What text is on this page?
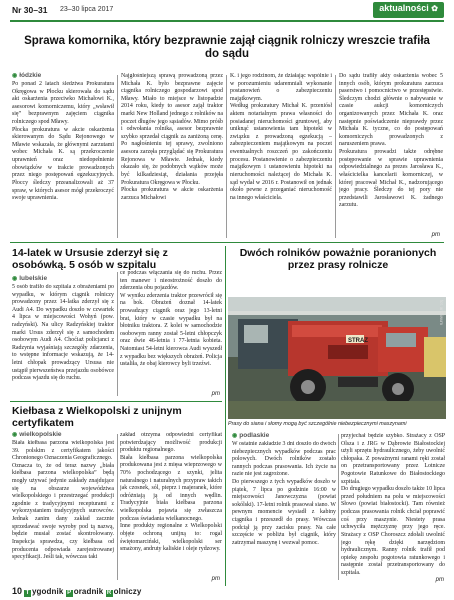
Nr 30–31 23–30 lipca 2017	aktualności ✿
Sprawa komornika, który bezprawnie zajął ciągnik rolniczy wreszcie trafiła do sądu
◉ łódzkie

Po ponad 2 latach śledztwa Prokuratura Okręgowa w Płocku skierowała do sądu akt oskarżenia przeciwko Michałowi K., asesorowi komorniczemu, który „wsławił się” bezprawnym zajęciem ciągnika rolniczego spod Mławy.
Płocka prokuratura w akcie oskarżenia skierowanym do Sądu Rejonowego w Mławie wskazała, że głównymi zarzutami wobec Michała K. są przekroczenie uprawnień oraz niedopełnienie obowiązków w trakcie prowadzonych przez niego postępowań egzekucyjnych. Płoccy śledczy przeanalizowali aż 37 spraw, w których asesor mógł przekroczyć swoje uprawnienia.

Najgłośniejszą sprawą prowadzoną przez Michała K. było bezprawne zajęcie ciągnika rolniczego gospodarzowi spod Mławy. Miało to miejsce w listopadzie 2014 roku, kiedy to asesor zajął traktor marki New Holland jednego z rolników na poczet długów jego sąsiadów. Mimo próśb i odwołania rolnika, asesor bezprawnie szybko sprzedał ciągnik za zaniżoną cenę. Po nagłośnieniu tej sprawy, zwolniono asesora zarzęła przyglądać się Prokuratura Rejonowa w Mławie. Jednak, kiedy okazało się, że podobnych wątków może być kilkadziesiąt, działania przejęła Prokuratura Okręgowa w Płocku.
Płocka prokuratura w akcie oskarżenia zarzuca Michałowi

K. i jego rodzinom, że działając wspólnie i w porozumieniu udaremniali wykonanie postanowień o zabezpieczeniu majątkowym.
Według prokuratury Michał K. przeniósł aktem notarialnym prawa własności do posiadanej nieruchomości gruntowej, aby uniknąć ustanowienia tam hipoteki w związku z prowadzoną egzekucją – zabezpieczeniem majątkowym na poczet ewentualnych roszczeń po zakończeniu procesu. Postanowienie o zabezpieczeniu majątkowym i ustanowieniu hipoteki na nieruchomości należącej do Michała K. sąd wydał w 2016 r. Postanowił on jednak około pewne z przeganiać nieruchomość na innego właściciela.

Do sądu trafiły akty oskarżenia wobec 5 innych osób, którym prokuratura zarzuca paserstwo i pomocnictwo w przestępstwie. Śledczym chodzi głównie o nabywanie w czasie aukcji komorniczych organizowanych przez Michała K. oraz następnie poświadczenie nieprawdy przez Michała K. tyczne, co do postępowań komorniczych prowadzonych z naruszeniem prawa.
Prokuratura prowadzi także odrębne postępowanie w sprawie uprawnienia odpowiedzialnego za prezes Jarosława K., właścicielka kancelarii komorniczej, w której pracował Michał K., nadzorującego jego pracy. Śledczy do tej pory nie przedstawili Jarosławowi K. żadnego zarzutu.

pm
14-latek w Ursusie zderzył się z osobówką. 5 osób w szpitalu
◉ lubelskie

5 osób trafiło do szpitala z obrażeniami po wypadku, w którym ciągnik rolniczy prowadzony przez 14-latka zderzył się z Audi A4. Do wypadku doszło w czwartek 4 lipca w miejscowości Wohyń (pow. radzyński). Na ulicy Radzyńskiej traktor marki Ursus zderzył się z samochodem osobowym Audi A4. Choćiaż policjanci z Radzynia wyjaśniają szczegóły zdarzenia, to wstępne informacje wskazują, że 14-letni chłopak prowadzący Ursusa nie ustąpił pierwszeństwa przejazdu osobówce podczas wjazdu się do ruchu.

ce podczas włączania się do ruchu. Przez ten manewr i nieostrożność doszło do zderzenia obu pojazdów.
W wyniku zderzenia traktor przewrócił się na bok. Obrażeń doznał 14-latek prowadzący ciągnik oraz jego 13-letni brat, który w czasie wypadku był na błotniku traktora. Z kolei w samochodzie osobowym ranny został 5-letni chłopczyk oraz dwie 46-letnia i 77-letnia kobieta. Natomiast 54-letni kierowca Audi wyszedł z wypadku bez większych obrażeń. Policja ustaliła, że obaj kierowcy byli trzeźwi.

pm
Dwóch rolników poważnie poranionych przez prasy rolnicze
STRAZ
fot. archiwum
Prasy do siana i słomy mogą być szczególnie niebezpiecznymi maszynami
◉ podlaskie

W ostatnie zakładzie 3 dni doszło do dwóch niebezpiecznych wypadków podczas prac polowych. Dwóch rolników zostało rannych podczas prasowania. Ich życie na razie nie jest zagrożone.
Do pierwszego z tych wypadków doszło w piątek, 7 lipca po godzinie 16:00 w miejscowości Janowczyzna (powiat sokólski). 17-letni rolnik prasował siano. W pewnym momencie wysiadł z kabiny ciągnika i przeszedł do prasy. Wówczas podciął ją przy zacisku prasy. Na całe szczęście w pobliżu był ciągnik, który zatrzymał maszynę i wezwał pomoc.

przyjechał będzie szybko. Strażacy z OSP Olsza i z JRG w Dąbrowie Białostockiej użyli sprzętu hydraulicznego, żeby uwolnić chłopaka. Z poważnymi ranami ręki został on przetransportowany przez Lotnicze Pogotowie Ratunkowe do Białostockiego szpitala.
Do drugiego wypadku doszło także 10 lipca przed południem na polu w miejscowości Słowo (powiat białostocki). Tam również podczas prasowania rolnik chciał poprawić coś przy maszynie. Niestety prasa uchwyciła mężczyznę przy jego ręce. Strażacy z OSP Choroszcz zdołali uwolnić jego rękę dzięki narzędziom hydraulicznym. Ranny rolnik trafił pod opiekę zespołu pogotowia ratunkowego i następnie został przetransportowany do szpitala.

pm
Kiełbasa z Wielkopolski z unijnym certyfikatem
◉ wielkopolskie

Biała kiełbasa parzona wielkopolska jest 39. polskim z certyfikatem jakości Chronionego Oznaczenia Geograficznego.
Oznacza to, że od teraz nazwy „biała kiełbasa parzona wielkopolska” będą mogły używać jedynie zakłady znajdujące się na obszarze województwa wielkopolskiego i przestrzegać produkcji zgodnie z tradycyjnymi recepturami z wykorzystaniem tradycyjnych surowców. Jednak zanim dany zakład zacznie sprzedawać swoje wyroby pod tą nazwą, będzie musiał zostać skontrolowany. Inspekcja sprawdza, czy kiełbasa od producenta odpowiada zarejestrowanej specyfikacji. Jeśli tak, wówczas taki

zakład otrzyma odpowiedni certyfikat potwierdzający możliwość produkcji produktu regionalnego.
Biała kiełbasa parzona wielkopolska produkowana jest z mięsa wieprzowego w 70% pochodzącego z szynki, jelita naturalnego i naturalnych przypraw takich jak czosnek, sól, pieprz i majeranek, które odróżniają ją od innych wędlin. Tradycyjnie biała kiełbasa parzona wielkopolska pojawia się zwłaszcza podczas świadania wielkanocnego.
Inne produkty regionalne z Wielkopolski objęte ochroną unijną to: rogal świętomarciński, wielkopolski ser smażony, andruty kaliskie i oleje rydzowy.

pm
10 T ygodnik P oradnik R olniczy
